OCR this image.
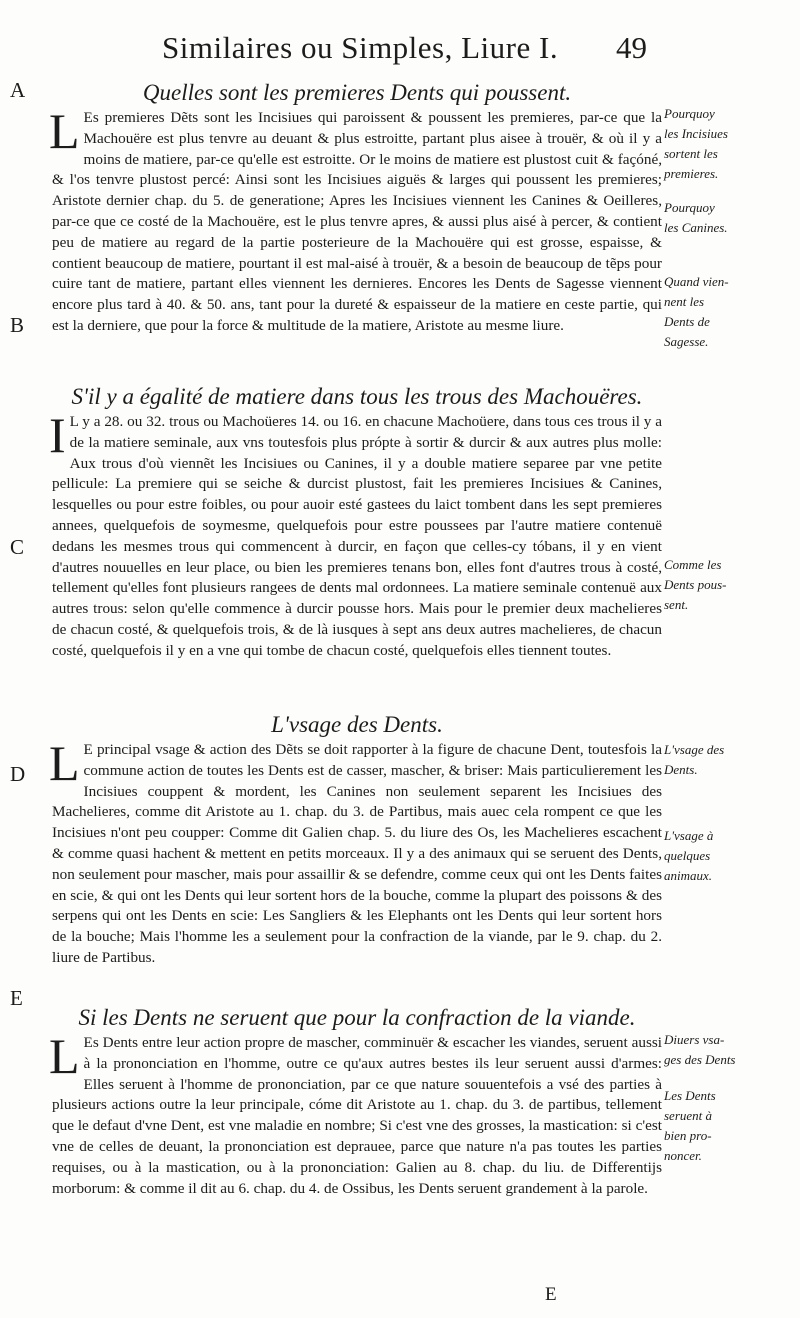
Similaires ou Simples, Liure I. 49
A
B
C
D
E
Quelles sont les premieres Dents qui poussent.
L Es premieres Dẽts sont les Incisiues qui paroissent & poussent les premieres, par-ce que la Machouëre est plus tenvre au deuant & plus estroitte, partant plus aisee à trouër, & où il y a moins de matiere, par-ce qu'elle est estroitte. Or le moins de matiere est plustost cuit & façóné, & l'os tenvre plustost percé: Ainsi sont les Incisiues aiguës & larges qui poussent les premieres; Aristote dernier chap. du 5. de generatione; Apres les Incisiues viennent les Canines & Oeilleres, par-ce que ce costé de la Machouëre, est le plus tenvre apres, & aussi plus aisé à percer, & contient peu de matiere au regard de la partie posterieure de la Machouëre qui est grosse, espaisse, & contient beaucoup de matiere, pourtant il est mal-aisé à trouër, & a besoin de beaucoup de tẽps pour cuire tant de matiere, partant elles viennent les dernieres. Encores les Dents de Sagesse viennent encore plus tard à 40. & 50. ans, tant pour la dureté & espaisseur de la matiere en ceste partie, qui est la derniere, que pour la force & multitude de la matiere, Aristote au mesme liure.

S'il y a égalité de matiere dans tous les trous des Machouëres.
I L y a 28. ou 32. trous ou Machoüeres 14. ou 16. en chacune Machoüere, dans tous ces trous il y a de la matiere seminale, aux vns toutesfois plus própte à sortir & durcir & aux autres plus molle: Aux trous d'où viennẽt les Incisiues ou Canines, il y a double matiere separee par vne petite pellicule: La premiere qui se seiche & durcist plustost, fait les premieres Incisiues & Canines, lesquelles ou pour estre foibles, ou pour auoir esté gastees du laict tombent dans les sept premieres annees, quelquefois de soymesme, quelquefois pour estre poussees par l'autre matiere contenuë dedans les mesmes trous qui commencent à durcir, en façon que celles-cy tóbans, il y en vient d'autres nouuelles en leur place, ou bien les premieres tenans bon, elles font d'autres trous à costé, tellement qu'elles font plusieurs rangees de dents mal ordonnees. La matiere seminale contenuë aux autres trous: selon qu'elle commence à durcir pousse hors. Mais pour le premier deux machelieres de chacun costé, & quelquefois trois, & de là iusques à sept ans deux autres machelieres, de chacun costé, quelquefois il y en a vne qui tombe de chacun costé, quelquefois elles tiennent toutes.

L'vsage des Dents.
L E principal vsage & action des Dẽts se doit rapporter à la figure de chacune Dent, toutesfois la commune action de toutes les Dents est de casser, mascher, & briser: Mais particulierement les Incisiues couppent & mordent, les Canines non seulement separent les Incisiues des Machelieres, comme dit Aristote au 1. chap. du 3. de Partibus, mais auec cela rompent ce que les Incisiues n'ont peu coupper: Comme dit Galien chap. 5. du liure des Os, les Machelieres escachent & comme quasi hachent & mettent en petits morceaux. Il y a des animaux qui se seruent des Dents, non seulement pour mascher, mais pour assaillir & se defendre, comme ceux qui ont les Dents faites en scie, & qui ont les Dents qui leur sortent hors de la bouche, comme la plupart des poissons & des serpens qui ont les Dents en scie: Les Sangliers & les Elephants ont les Dents qui leur sortent hors de la bouche; Mais l'homme les a seulement pour la confraction de la viande, par le 9. chap. du 2. liure de Partibus.

Si les Dents ne seruent que pour la confraction de la viande.
L Es Dents entre leur action propre de mascher, comminuër & escacher les viandes, seruent aussi à la prononciation en l'homme, outre ce qu'aux autres bestes ils leur seruent aussi d'armes: Elles seruent à l'homme de prononciation, par ce que nature souuentefois a vsé des parties à plusieurs actions outre la leur principale, cóme dit Aristote au 1. chap. du 3. de partibus, tellement que le defaut d'vne Dent, est vne maladie en nombre; Si c'est vne des grosses, la mastication: si c'est vne de celles de deuant, la prononciation est deprauee, parce que nature n'a pas toutes les parties requises, ou à la mastication, ou à la prononciation: Galien au 8. chap. du liu. de Differentijs morborum: & comme il dit au 6. chap. du 4. de Ossibus, les Dents seruent grandement à la parole.

Pourquoy
les Incisiues
sortent les
premieres.
Pourquoy
les Canines.
Quand vien-
nent les
Dents de
Sagesse.
Comme les
Dents pous-
sent.
L'vsage des
Dents.
L'vsage à
quelques
animaux.
Diuers vsa-
ges des Dents
Les Dents
seruent à
bien pro-
noncer.
E
